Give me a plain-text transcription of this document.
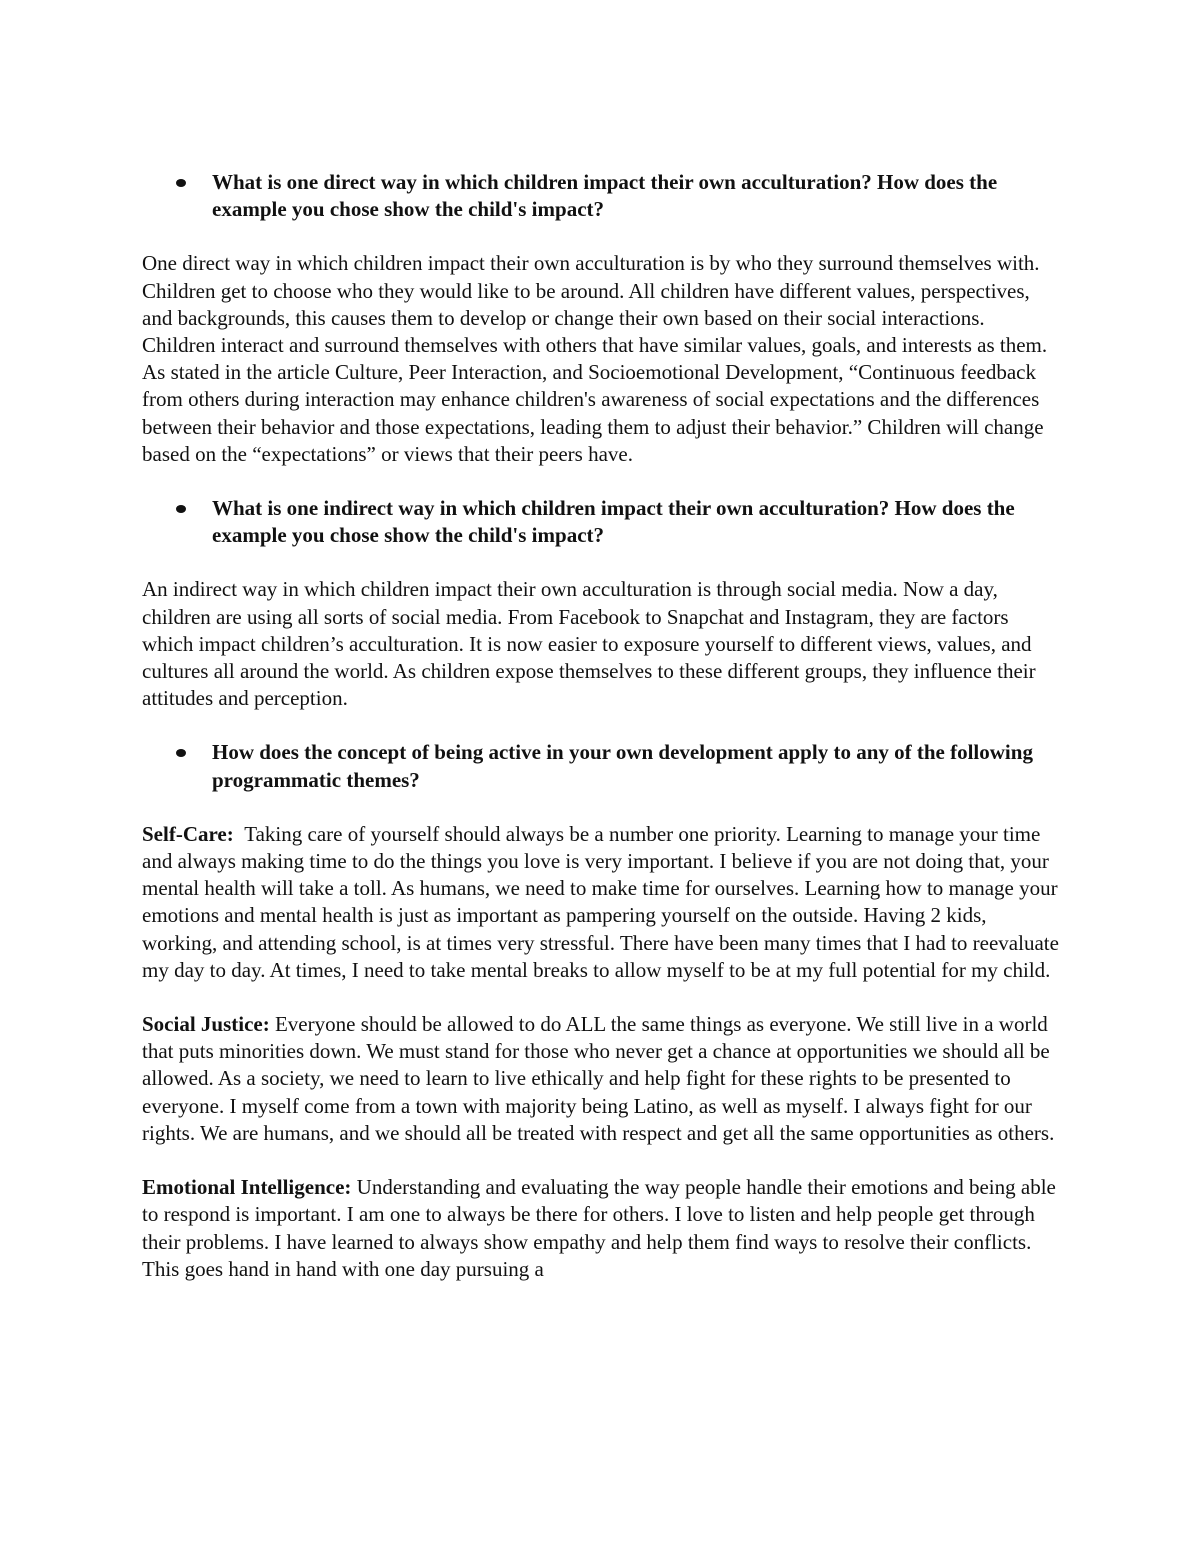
What is one direct way in which children impact their own acculturation? How does the example you chose show the child's impact?

One direct way in which children impact their own acculturation is by who they surround themselves with. Children get to choose who they would like to be around. All children have different values, perspectives, and backgrounds, this causes them to develop or change their own based on their social interactions. Children interact and surround themselves with others that have similar values, goals, and interests as them. As stated in the article Culture, Peer Interaction, and Socioemotional Development, “Continuous feedback from others during interaction may enhance children's awareness of social expectations and the differences between their behavior and those expectations, leading them to adjust their behavior.” Children will change based on the “expectations” or views that their peers have.

What is one indirect way in which children impact their own acculturation? How does the example you chose show the child's impact?

An indirect way in which children impact their own acculturation is through social media. Now a day, children are using all sorts of social media. From Facebook to Snapchat and Instagram, they are factors which impact children’s acculturation. It is now easier to exposure yourself to different views, values, and cultures all around the world. As children expose themselves to these different groups, they influence their attitudes and perception.

How does the concept of being active in your own development apply to any of the following programmatic themes?

Self-Care: Taking care of yourself should always be a number one priority. Learning to manage your time and always making time to do the things you love is very important. I believe if you are not doing that, your mental health will take a toll. As humans, we need to make time for ourselves. Learning how to manage your emotions and mental health is just as important as pampering yourself on the outside. Having 2 kids, working, and attending school, is at times very stressful. There have been many times that I had to reevaluate my day to day. At times, I need to take mental breaks to allow myself to be at my full potential for my child.

Social Justice: Everyone should be allowed to do ALL the same things as everyone. We still live in a world that puts minorities down. We must stand for those who never get a chance at opportunities we should all be allowed. As a society, we need to learn to live ethically and help fight for these rights to be presented to everyone. I myself come from a town with majority being Latino, as well as myself. I always fight for our rights. We are humans, and we should all be treated with respect and get all the same opportunities as others.

Emotional Intelligence: Understanding and evaluating the way people handle their emotions and being able to respond is important. I am one to always be there for others. I love to listen and help people get through their problems. I have learned to always show empathy and help them find ways to resolve their conflicts. This goes hand in hand with one day pursuing a
